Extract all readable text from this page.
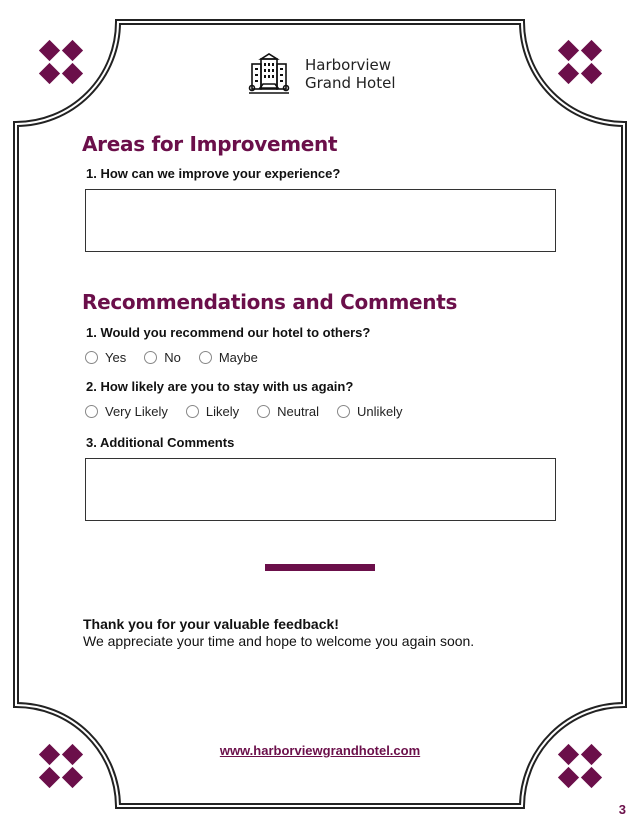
Harborview
Grand Hotel
Areas for Improvement
1. How can we improve your experience?
Recommendations and Comments
1. Would you recommend our hotel to others?
Yes	No	Maybe
2. How likely are you to stay with us again?
Very Likely	Likely	Neutral	Unlikely
3. Additional Comments
Thank you for your valuable feedback!
We appreciate your time and hope to welcome you again soon.
www.harborviewgrandhotel.com
3
